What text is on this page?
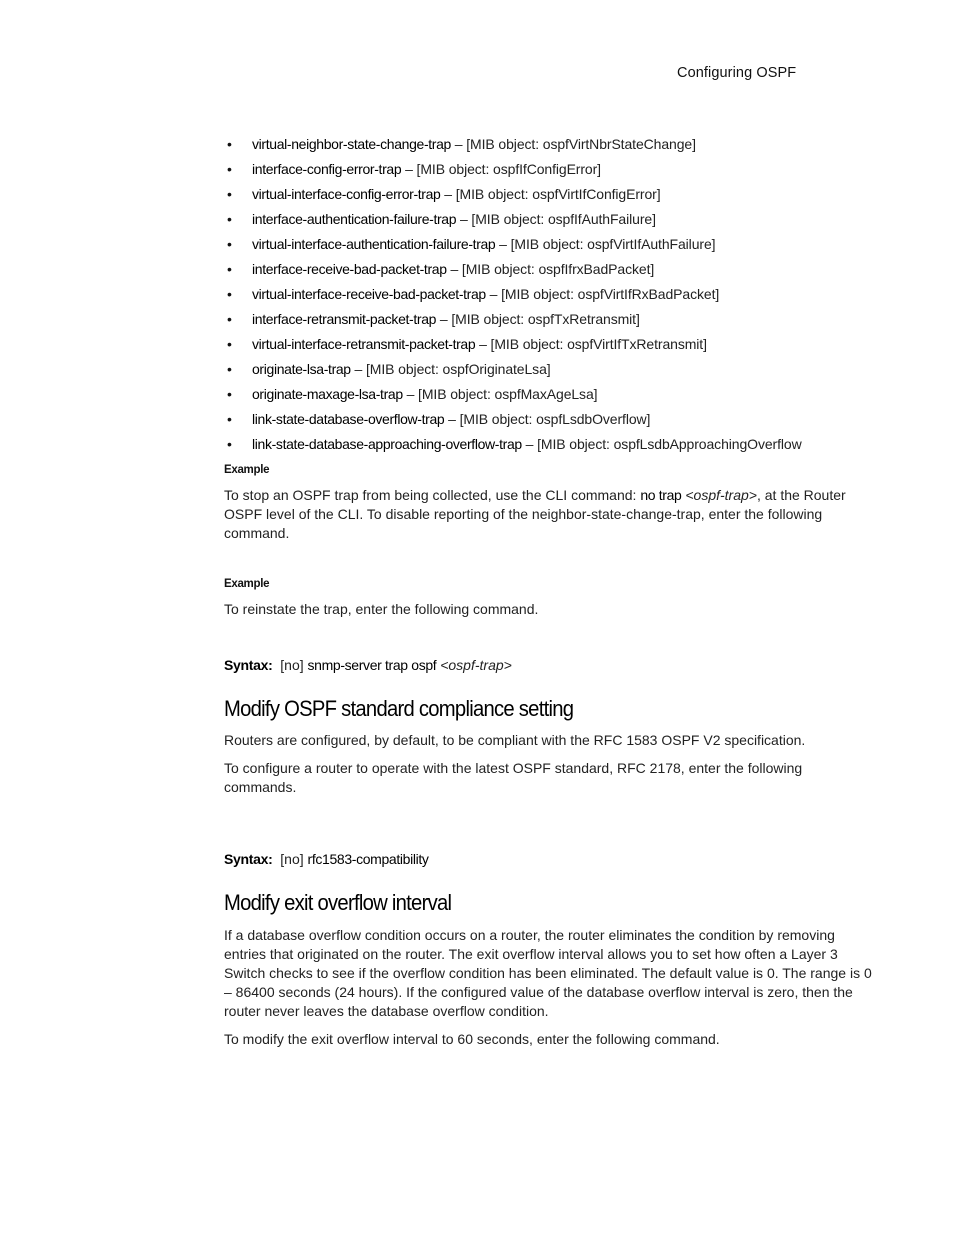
Configuring OSPF
• virtual-neighbor-state-change-trap – [MIB object: ospfVirtNbrStateChange]
• interface-config-error-trap – [MIB object: ospfIfConfigError]
• virtual-interface-config-error-trap – [MIB object: ospfVirtIfConfigError]
• interface-authentication-failure-trap – [MIB object: ospfIfAuthFailure]
• virtual-interface-authentication-failure-trap – [MIB object: ospfVirtIfAuthFailure]
• interface-receive-bad-packet-trap – [MIB object: ospfIfrxBadPacket]
• virtual-interface-receive-bad-packet-trap – [MIB object: ospfVirtIfRxBadPacket]
• interface-retransmit-packet-trap – [MIB object: ospfTxRetransmit]
• virtual-interface-retransmit-packet-trap – [MIB object: ospfVirtIfTxRetransmit]
• originate-lsa-trap – [MIB object: ospfOriginateLsa]
• originate-maxage-lsa-trap – [MIB object: ospfMaxAgeLsa]
• link-state-database-overflow-trap – [MIB object: ospfLsdbOverflow]
• link-state-database-approaching-overflow-trap – [MIB object: ospfLsdbApproachingOverflow
Example

To stop an OSPF trap from being collected, use the CLI command: no trap <ospf-trap>, at the Router OSPF level of the CLI. To disable reporting of the neighbor-state-change-trap, enter the following command.

Example

To reinstate the trap, enter the following command.

Syntax:  [no] snmp-server trap ospf <ospf-trap>

Modify OSPF standard compliance setting

Routers are configured, by default, to be compliant with the RFC 1583 OSPF V2 specification.

To configure a router to operate with the latest OSPF standard, RFC 2178, enter the following commands.

Syntax:  [no] rfc1583-compatibility

Modify exit overflow interval

If a database overflow condition occurs on a router, the router eliminates the condition by removing entries that originated on the router. The exit overflow interval allows you to set how often a Layer 3 Switch checks to see if the overflow condition has been eliminated. The default value is 0. The range is 0 – 86400 seconds (24 hours). If the configured value of the database overflow interval is zero, then the router never leaves the database overflow condition.

To modify the exit overflow interval to 60 seconds, enter the following command.
